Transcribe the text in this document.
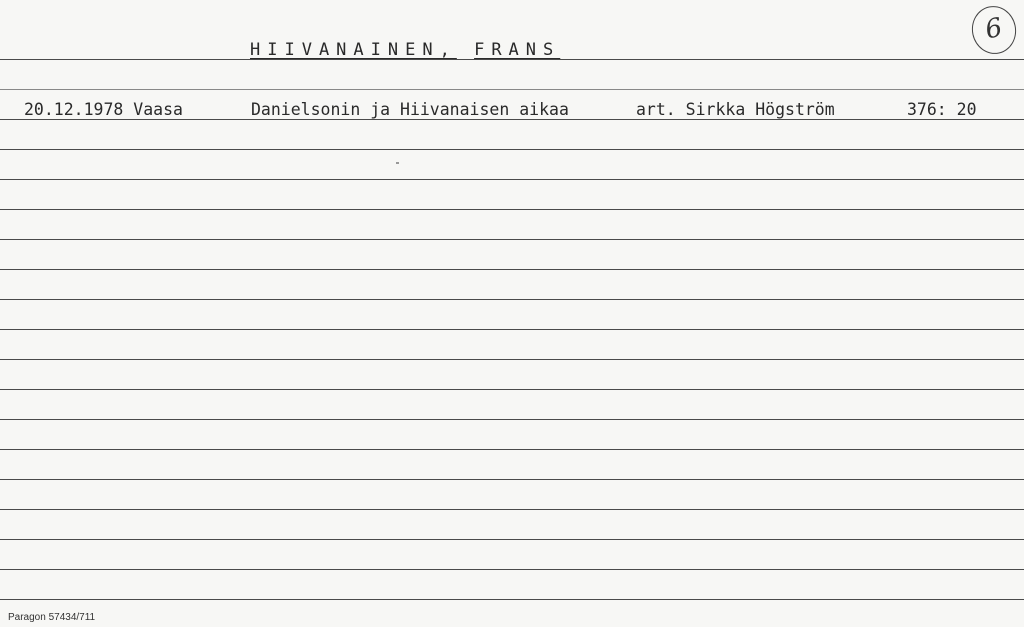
HIIVANAINEN, FRANS
6
20.12.1978 Vaasa	Danielsonin ja Hiivanaisen aikaa	art. Sirkka Högström	376: 20
Paragon 57434/711
